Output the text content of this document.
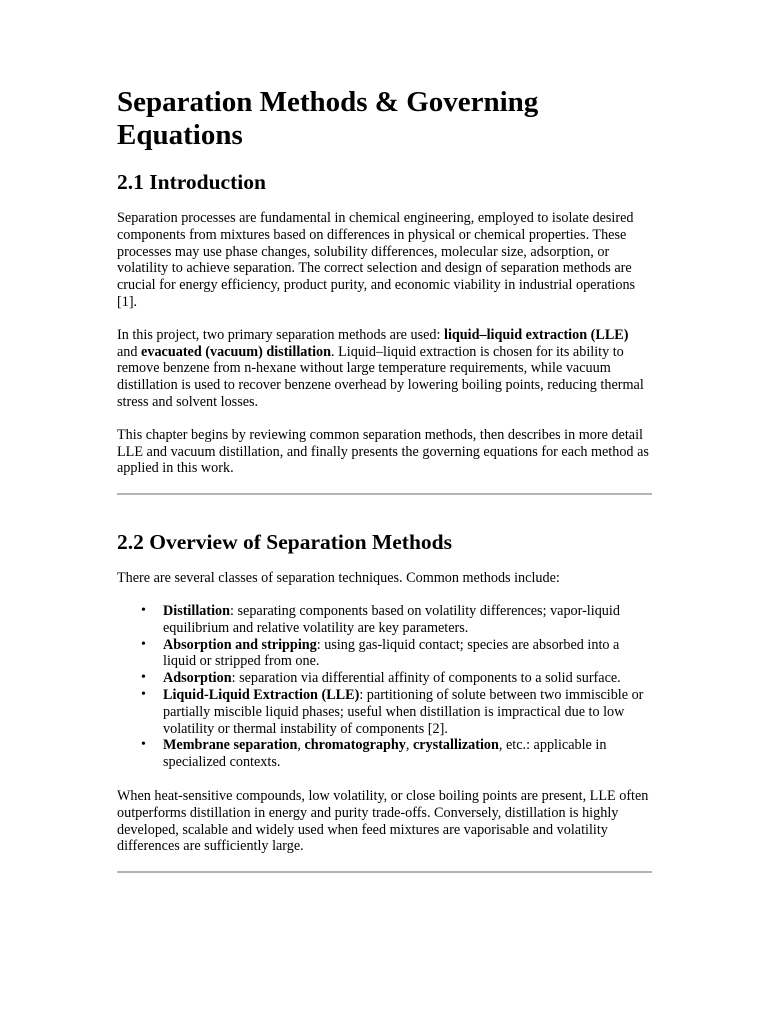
Separation Methods & Governing Equations
2.1 Introduction

Separation processes are fundamental in chemical engineering, employed to isolate desired components from mixtures based on differences in physical or chemical properties. These processes may use phase changes, solubility differences, molecular size, adsorption, or volatility to achieve separation. The correct selection and design of separation methods are crucial for energy efficiency, product purity, and economic viability in industrial operations [1].

In this project, two primary separation methods are used: liquid–liquid extraction (LLE) and evacuated (vacuum) distillation. Liquid–liquid extraction is chosen for its ability to remove benzene from n-hexane without large temperature requirements, while vacuum distillation is used to recover benzene overhead by lowering boiling points, reducing thermal stress and solvent losses.

This chapter begins by reviewing common separation methods, then describes in more detail LLE and vacuum distillation, and finally presents the governing equations for each method as applied in this work.

2.2 Overview of Separation Methods

There are several classes of separation techniques. Common methods include:

• Distillation: separating components based on volatility differences; vapor-liquid equilibrium and relative volatility are key parameters.
• Absorption and stripping: using gas-liquid contact; species are absorbed into a liquid or stripped from one.
• Adsorption: separation via differential affinity of components to a solid surface.
• Liquid-Liquid Extraction (LLE): partitioning of solute between two immiscible or partially miscible liquid phases; useful when distillation is impractical due to low volatility or thermal instability of components [2].
• Membrane separation, chromatography, crystallization, etc.: applicable in specialized contexts.

When heat-sensitive compounds, low volatility, or close boiling points are present, LLE often outperforms distillation in energy and purity trade-offs. Conversely, distillation is highly developed, scalable and widely used when feed mixtures are vaporisable and volatility differences are sufficiently large.
